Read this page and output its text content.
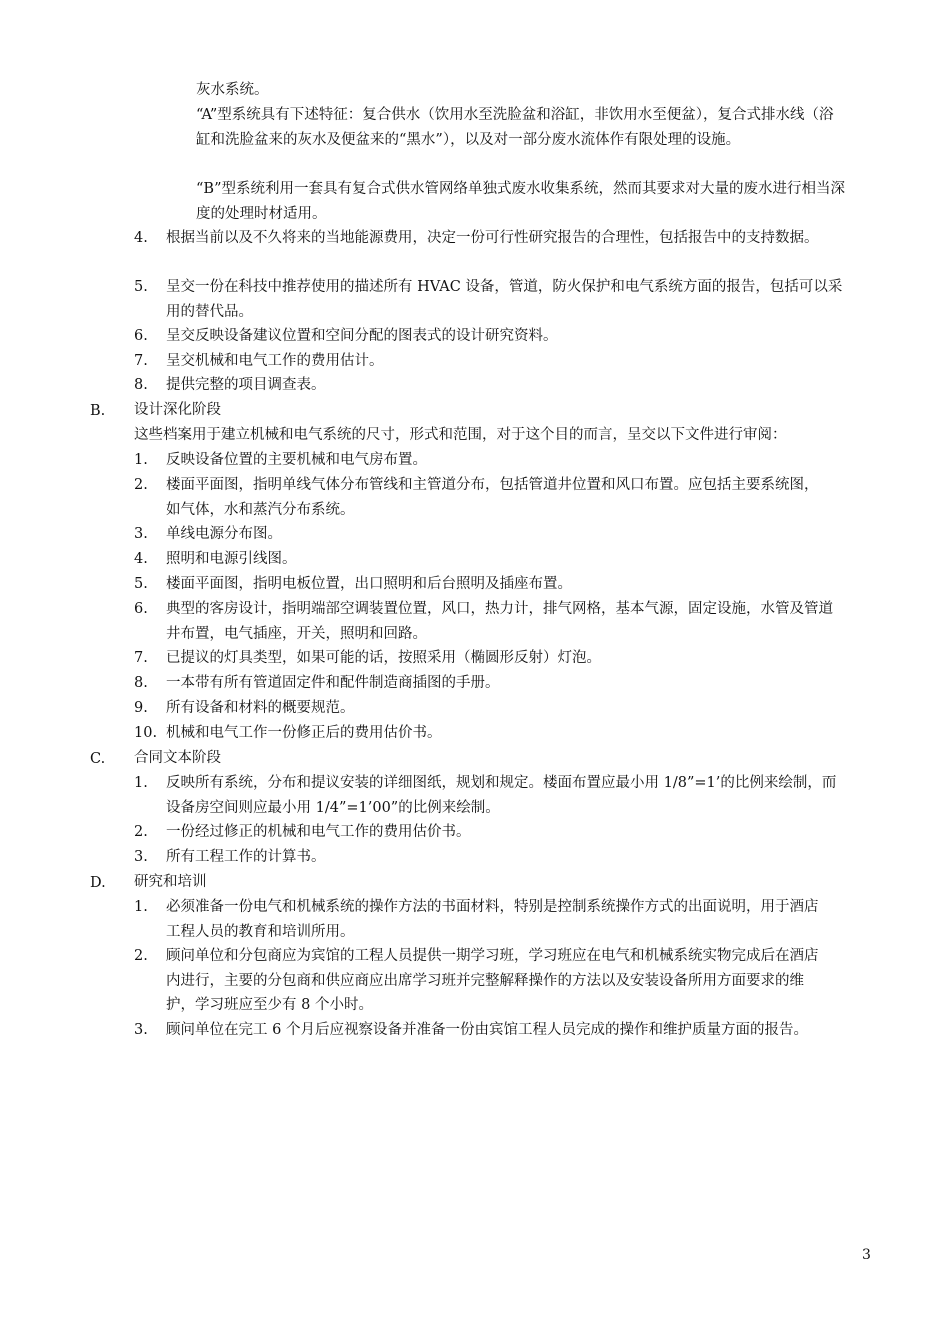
灰水系统。
“A”型系统具有下述特征：复合供水（饮用水至洗脸盆和浴缸，非饮用水至便盆），复合式排水线（浴缸和洗脸盆来的灰水及便盆来的“黑水”），以及对一部分废水流体作有限处理的设施。
“B”型系统利用一套具有复合式供水管网络单独式废水收集系统，然而其要求对大量的废水进行相当深度的处理时材适用。
4. 根据当前以及不久将来的当地能源费用，决定一份可行性研究报告的合理性，包括报告中的支持数据。
5. 呈交一份在科技中推荐使用的描述所有 HVAC 设备，管道，防火保护和电气系统方面的报告，包括可以采用的替代品。
6. 呈交反映设备建议位置和空间分配的图表式的设计研究资料。
7. 呈交机械和电气工作的费用估计。
8. 提供完整的项目调查表。
B. 设计深化阶段
这些档案用于建立机械和电气系统的尺寸，形式和范围，对于这个目的而言，呈交以下文件进行审阅：
1. 反映设备位置的主要机械和电气房布置。
2. 楼面平面图，指明单线气体分布管线和主管道分布，包括管道井位置和风口布置。应包括主要系统图，如气体，水和蒸汽分布系统。
3. 单线电源分布图。
4. 照明和电源引线图。
5. 楼面平面图，指明电板位置，出口照明和后台照明及插座布置。
6. 典型的客房设计，指明端部空调装置位置，风口，热力计，排气网格，基本气源，固定设施，水管及管道井布置，电气插座，开关，照明和回路。
7. 已提议的灯具类型，如果可能的话，按照采用（椭圆形反射）灯泡。
8. 一本带有所有管道固定件和配件制造商插图的手册。
9. 所有设备和材料的概要规范。
10. 机械和电气工作一份修正后的费用估价书。
C. 合同文本阶段
1. 反映所有系统，分布和提议安装的详细图纸，规划和规定。楼面布置应最小用 1/8”=1’的比例来绘制，而设备房空间则应最小用 1/4”=1’00”的比例来绘制。
2. 一份经过修正的机械和电气工作的费用估价书。
3. 所有工程工作的计算书。
D. 研究和培训
1. 必须准备一份电气和机械系统的操作方法的书面材料，特别是控制系统操作方式的出面说明，用于酒店工程人员的教育和培训所用。
2. 顾问单位和分包商应为宾馆的工程人员提供一期学习班，学习班应在电气和机械系统实物完成后在酒店内进行，主要的分包商和供应商应出席学习班并完整解释操作的方法以及安装设备所用方面要求的维护，学习班应至少有 8 个小时。
3. 顾问单位在完工 6 个月后应视察设备并准备一份由宾馆工程人员完成的操作和维护质量方面的报告。
3
